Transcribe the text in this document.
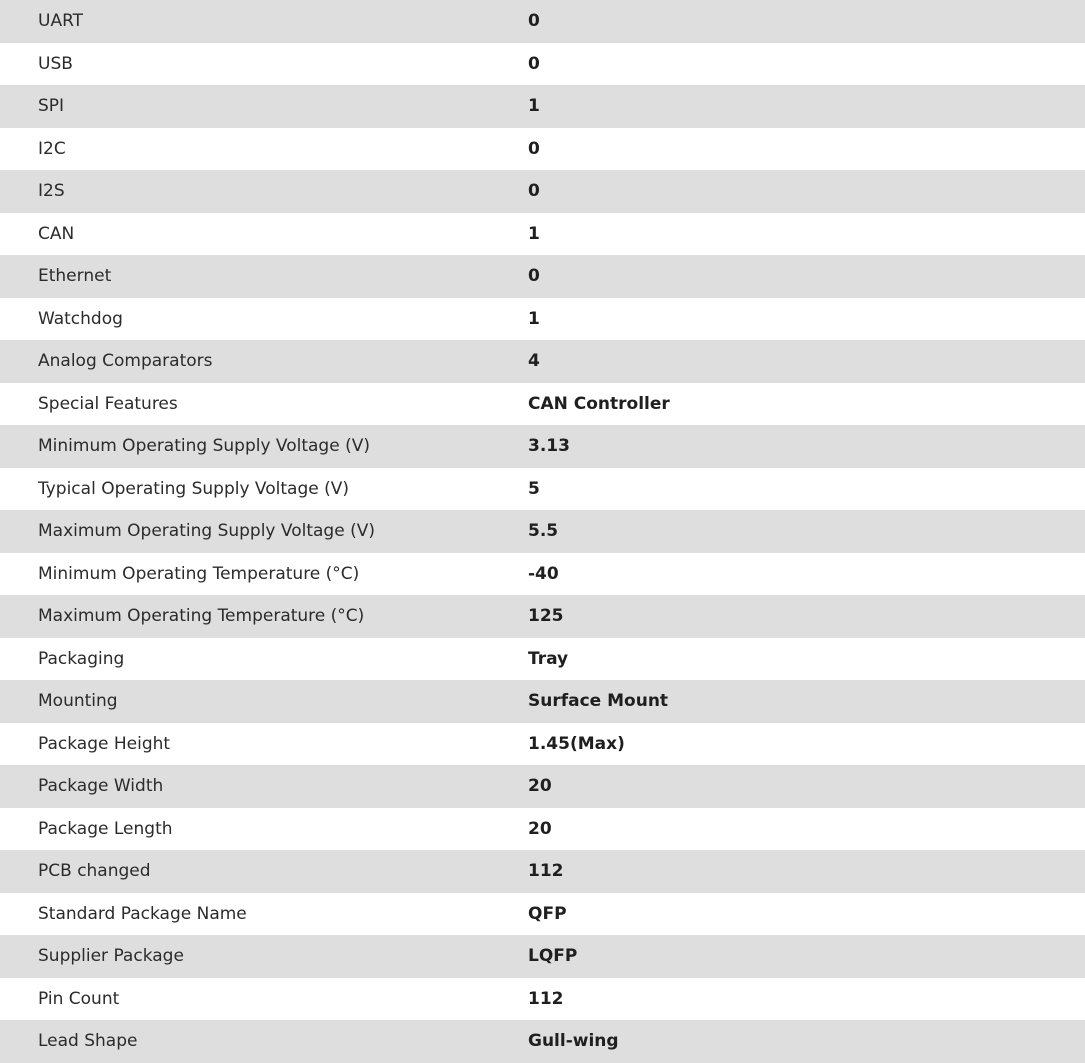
UART	0
USB	0
SPI	1
I2C	0
I2S	0
CAN	1
Ethernet	0
Watchdog	1
Analog Comparators	4
Special Features	CAN Controller
Minimum Operating Supply Voltage (V)	3.13
Typical Operating Supply Voltage (V)	5
Maximum Operating Supply Voltage (V)	5.5
Minimum Operating Temperature (°C)	-40
Maximum Operating Temperature (°C)	125
Packaging	Tray
Mounting	Surface Mount
Package Height	1.45(Max)
Package Width	20
Package Length	20
PCB changed	112
Standard Package Name	QFP
Supplier Package	LQFP
Pin Count	112
Lead Shape	Gull-wing
